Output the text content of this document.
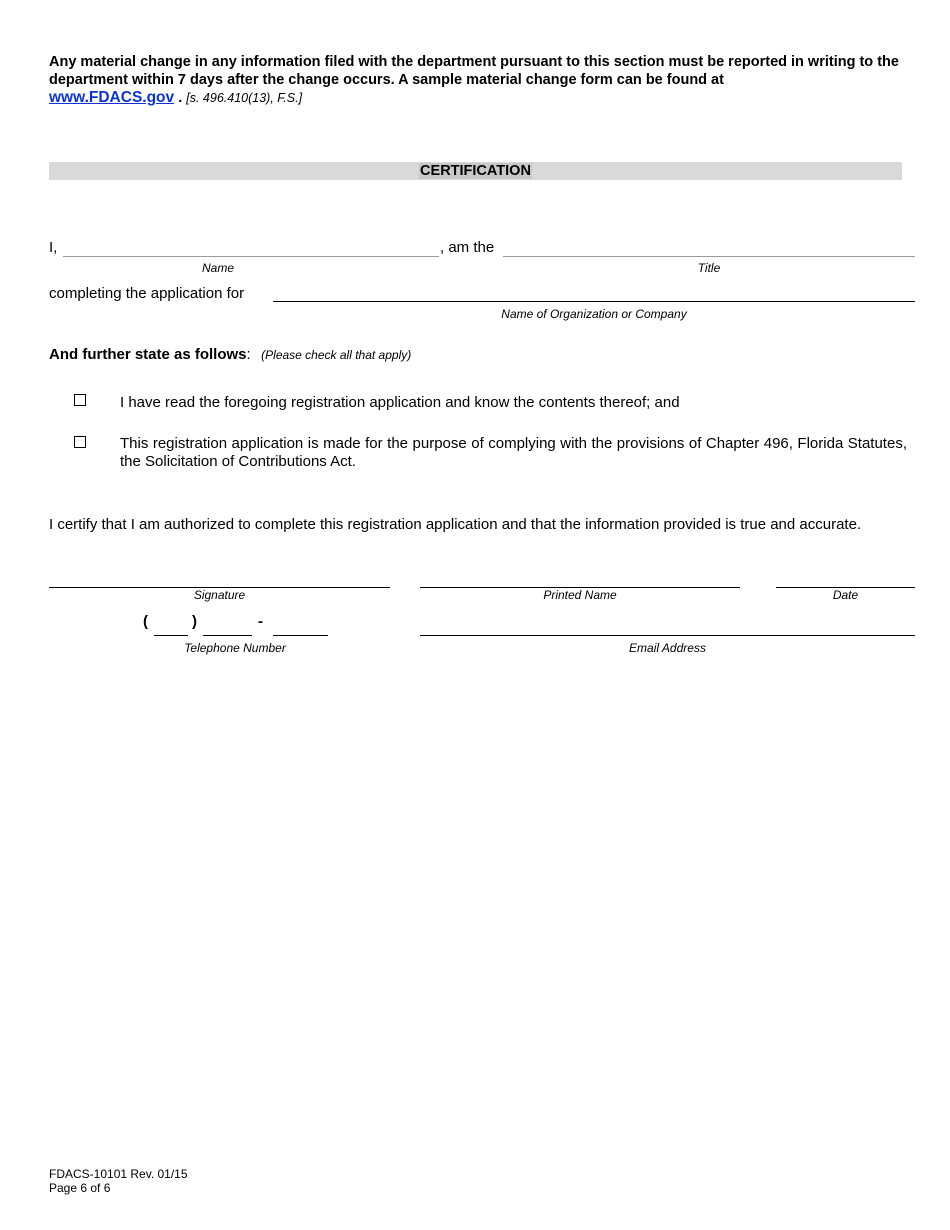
Any material change in any information filed with the department pursuant to this section must be reported in writing to the department within 7 days after the change occurs. A sample material change form can be found at
www.FDACS.gov . [s. 496.410(13), F.S.]
CERTIFICATION
I,	, am the
Name	Title
completing the application for
Name of Organization or Company
And further state as follows: (Please check all that apply)
I have read the foregoing registration application and know the contents thereof; and
This registration application is made for the purpose of complying with the provisions of Chapter 496, Florida Statutes, the Solicitation of Contributions Act.
I certify that I am authorized to complete this registration application and that the information provided is true and accurate.
Signature	Printed Name	Date
(	)	-
Telephone Number	Email Address
FDACS-10101 Rev. 01/15
Page 6 of 6
